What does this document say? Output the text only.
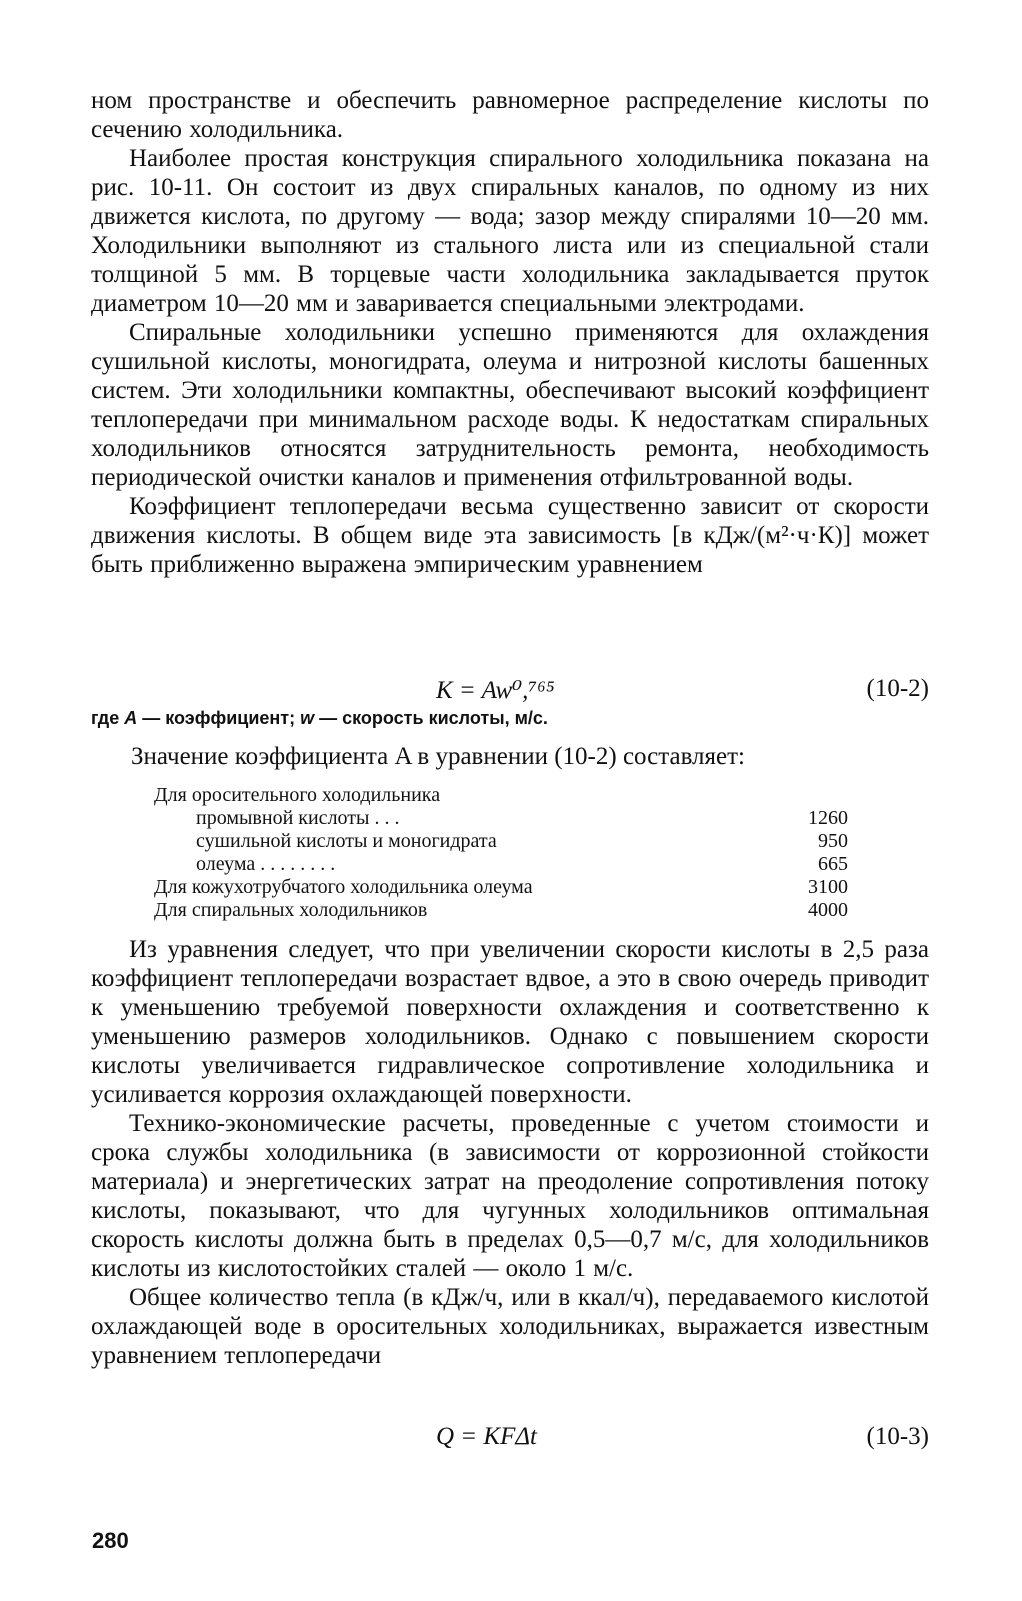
ном пространстве и обеспечить равномерное распределение кислоты по сечению холодильника.

Наиболее простая конструкция спирального холодильника показана на рис. 10-11. Он состоит из двух спиральных каналов, по одному из них движется кислота, по другому — вода; зазор между спиралями 10—20 мм. Холодильники выполняют из стального листа или из специальной стали толщиной 5 мм. В торцевые части холодильника закладывается пруток диаметром 10—20 мм и заваривается специальными электродами.

Спиральные холодильники успешно применяются для охлаждения сушильной кислоты, моногидрата, олеума и нитрозной кислоты башенных систем. Эти холодильники компактны, обеспечивают высокий коэффициент теплопередачи при минимальном расходе воды. К недостаткам спиральных холодильников относятся затруднительность ремонта, необходимость периодической очистки каналов и применения отфильтрованной воды.

Коэффициент теплопередачи весьма существенно зависит от скорости движения кислоты. В общем виде эта зависимость [в кДж/(м²·ч·К)] может быть приближенно выражена эмпирическим уравнением

K = Aw⁰,⁷⁶⁵	(10-2)
где A — коэффициент; w — скорость кислоты, м/с.
Значение коэффициента A в уравнении (10-2) составляет:
Для оросительного холодильника	
промывной кислоты . . .	1260
сушильной кислоты и моногидрата	950
олеума . . . . . . . .	665
Для кожухотрубчатого холодильника олеума	3100
Для спиральных холодильников	4000

Из уравнения следует, что при увеличении скорости кислоты в 2,5 раза коэффициент теплопередачи возрастает вдвое, а это в свою очередь приводит к уменьшению требуемой поверхности охлаждения и соответственно к уменьшению размеров холодильников. Однако с повышением скорости кислоты увеличивается гидравлическое сопротивление холодильника и усиливается коррозия охлаждающей поверхности.

Технико-экономические расчеты, проведенные с учетом стоимости и срока службы холодильника (в зависимости от коррозионной стойкости материала) и энергетических затрат на преодоление сопротивления потоку кислоты, показывают, что для чугунных холодильников оптимальная скорость кислоты должна быть в пределах 0,5—0,7 м/с, для холодильников кислоты из кислотостойких сталей — около 1 м/с.

Общее количество тепла (в кДж/ч, или в ккал/ч), передаваемого кислотой охлаждающей воде в оросительных холодильниках, выражается известным уравнением теплопередачи

Q = KFΔt	(10-3)
280
